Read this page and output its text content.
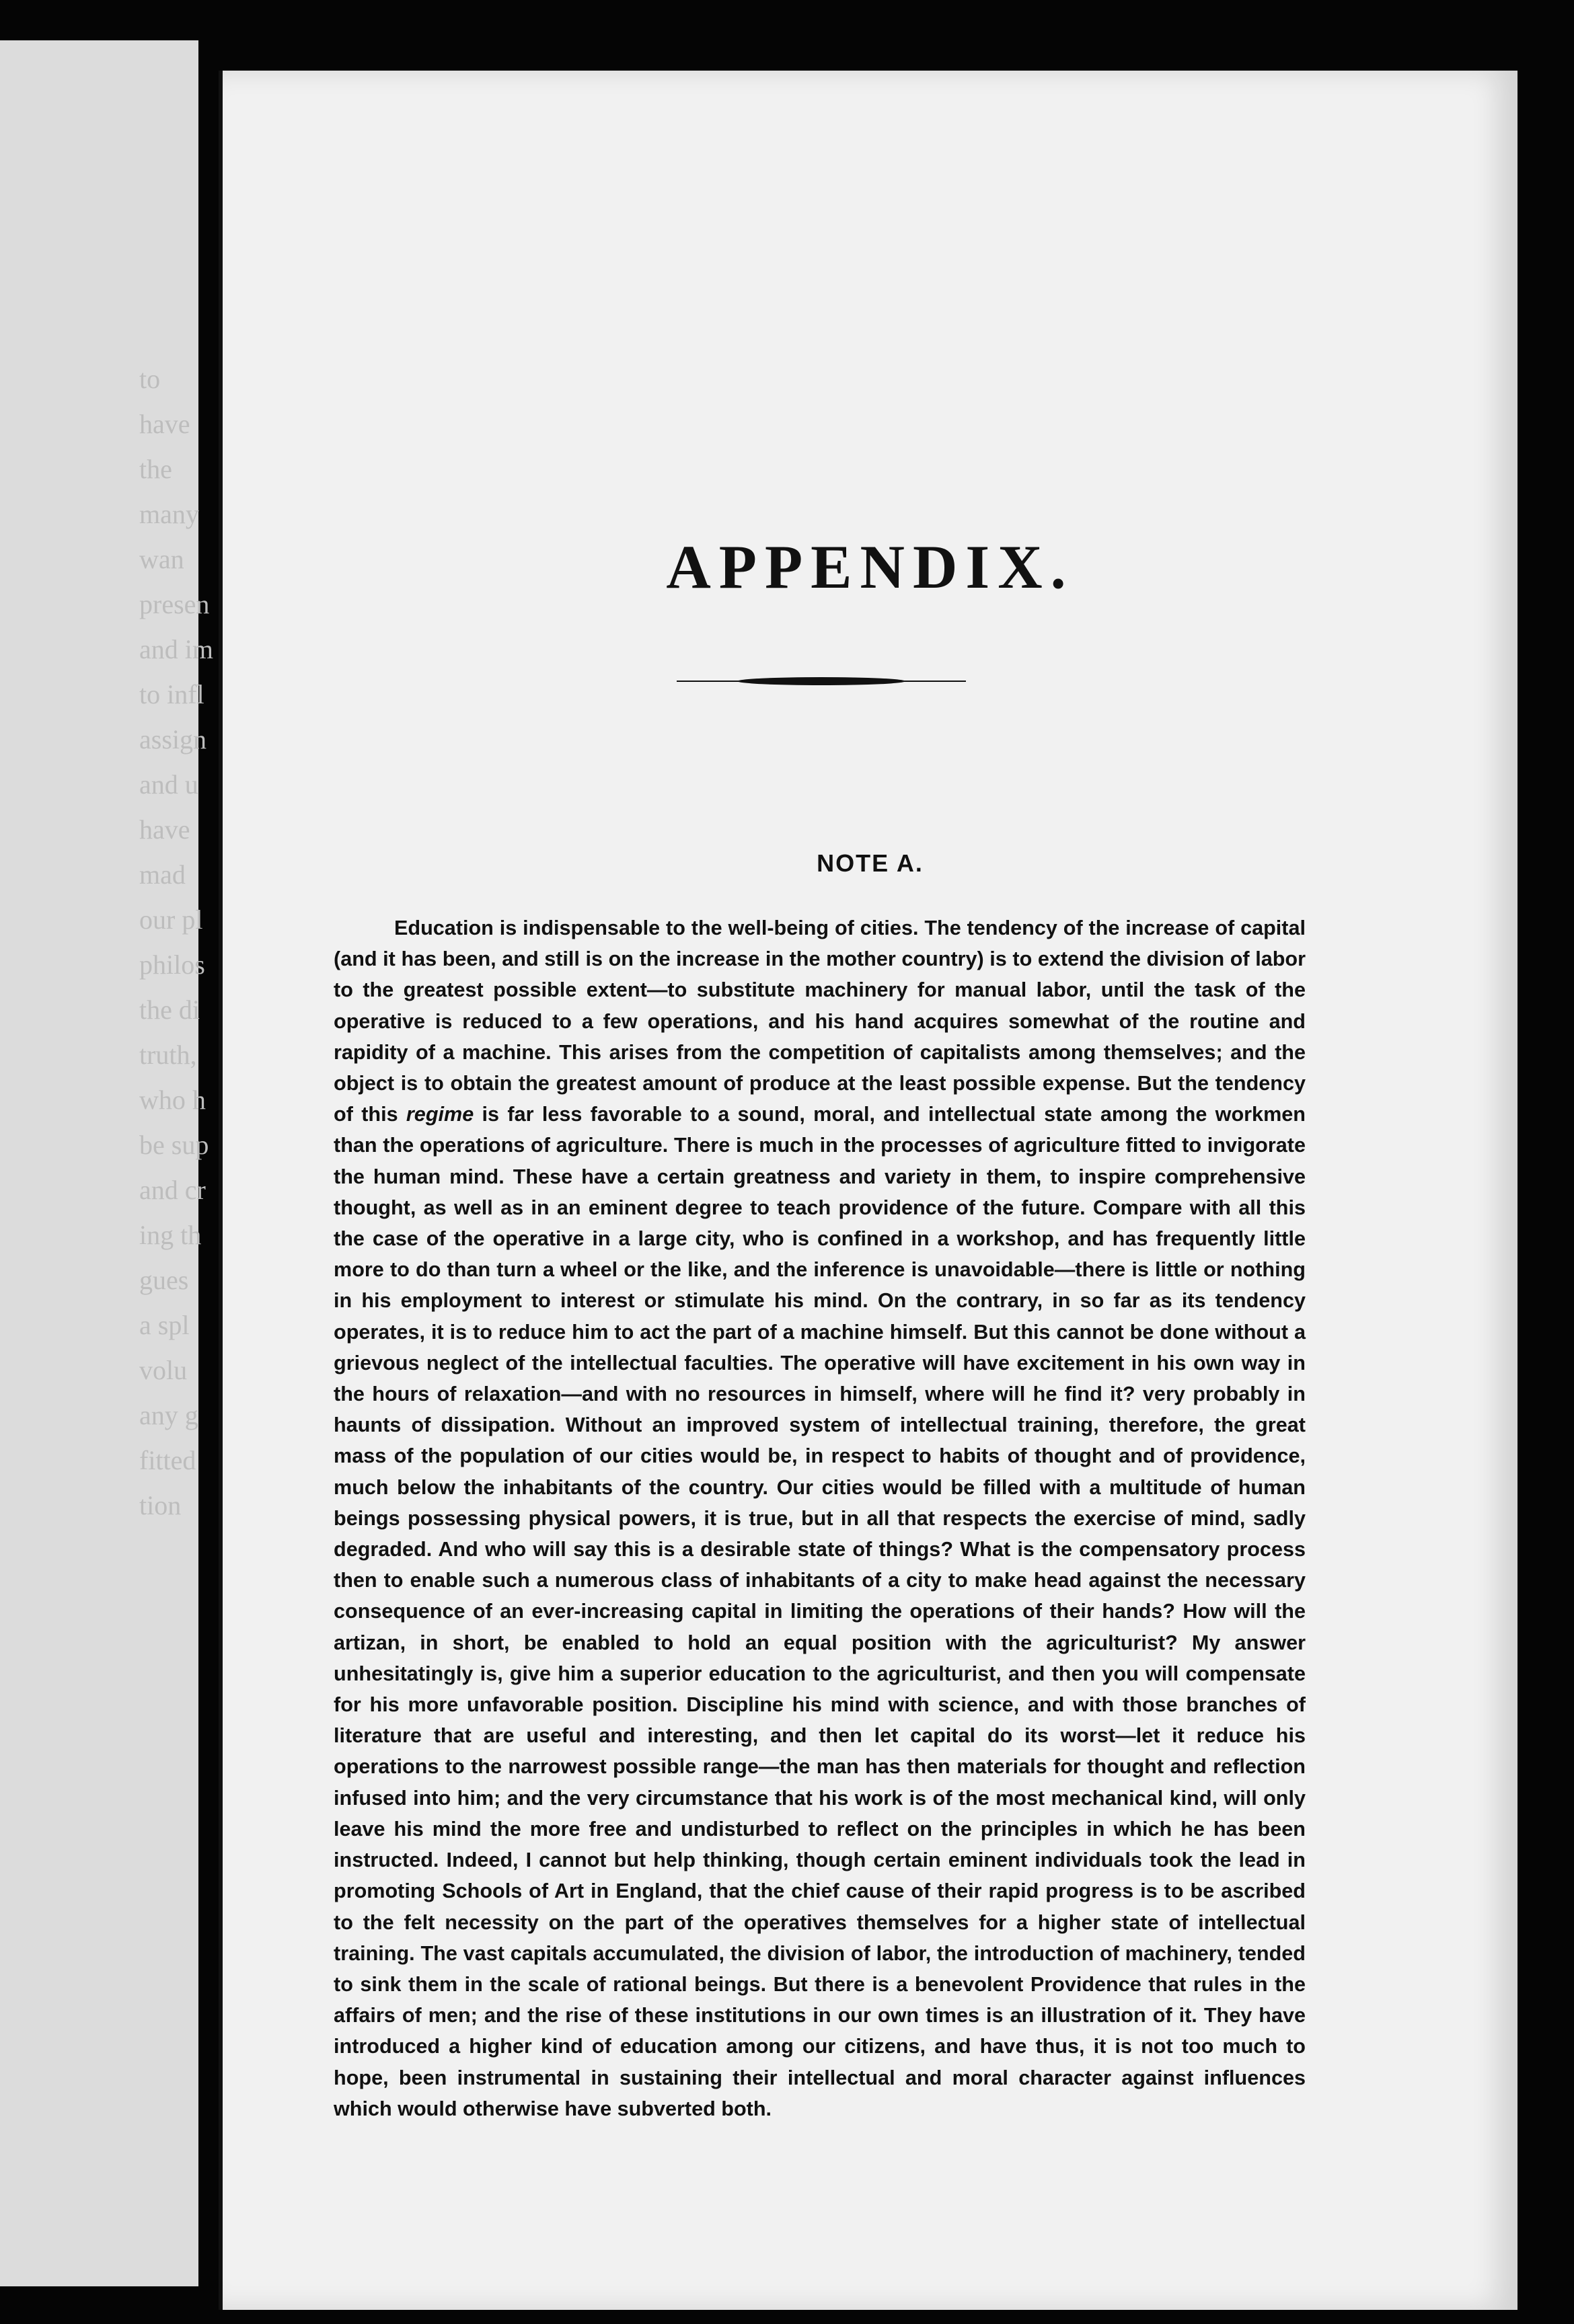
to
have
the
many
wan
presen
and im
to infl
assign
and u
have
mad
our pl
philos
the di
truth,
who h
be sup
and cr
ing th
gues
a spl
volu
any g
fitted
tion
APPENDIX.
NOTE A.

Education is indispensable to the well-being of cities. The tendency of the increase of capital (and it has been, and still is on the increase in the mother country) is to extend the division of labor to the greatest possible extent—to substitute machinery for manual labor, until the task of the operative is reduced to a few operations, and his hand acquires somewhat of the routine and rapidity of a machine. This arises from the competition of capitalists among themselves; and the object is to obtain the greatest amount of produce at the least possible expense. But the tendency of this regime is far less favorable to a sound, moral, and intellectual state among the workmen than the operations of agriculture. There is much in the processes of agriculture fitted to invigorate the human mind. These have a certain greatness and variety in them, to inspire comprehensive thought, as well as in an eminent degree to teach providence of the future. Compare with all this the case of the operative in a large city, who is confined in a workshop, and has frequently little more to do than turn a wheel or the like, and the inference is unavoidable—there is little or nothing in his employment to interest or stimulate his mind. On the contrary, in so far as its tendency operates, it is to reduce him to act the part of a machine himself. But this cannot be done without a grievous neglect of the intellectual faculties. The operative will have excitement in his own way in the hours of relaxation—and with no resources in himself, where will he find it? very probably in haunts of dissipation. Without an improved system of intellectual training, therefore, the great mass of the population of our cities would be, in respect to habits of thought and of providence, much below the inhabitants of the country. Our cities would be filled with a multitude of human beings possessing physical powers, it is true, but in all that respects the exercise of mind, sadly degraded. And who will say this is a desirable state of things? What is the compensatory process then to enable such a numerous class of inhabitants of a city to make head against the necessary consequence of an ever-increasing capital in limiting the operations of their hands? How will the artizan, in short, be enabled to hold an equal position with the agriculturist? My answer unhesitatingly is, give him a superior education to the agriculturist, and then you will compensate for his more unfavorable position. Discipline his mind with science, and with those branches of literature that are useful and interesting, and then let capital do its worst—let it reduce his operations to the narrowest possible range—the man has then materials for thought and reflection infused into him; and the very circumstance that his work is of the most mechanical kind, will only leave his mind the more free and undisturbed to reflect on the principles in which he has been instructed. Indeed, I cannot but help thinking, though certain eminent individuals took the lead in promoting Schools of Art in England, that the chief cause of their rapid progress is to be ascribed to the felt necessity on the part of the operatives themselves for a higher state of intellectual training. The vast capitals accumulated, the division of labor, the introduction of machinery, tended to sink them in the scale of rational beings. But there is a benevolent Providence that rules in the affairs of men; and the rise of these institutions in our own times is an illustration of it. They have introduced a higher kind of education among our citizens, and have thus, it is not too much to hope, been instrumental in sustaining their intellectual and moral character against influences which would otherwise have subverted both.
